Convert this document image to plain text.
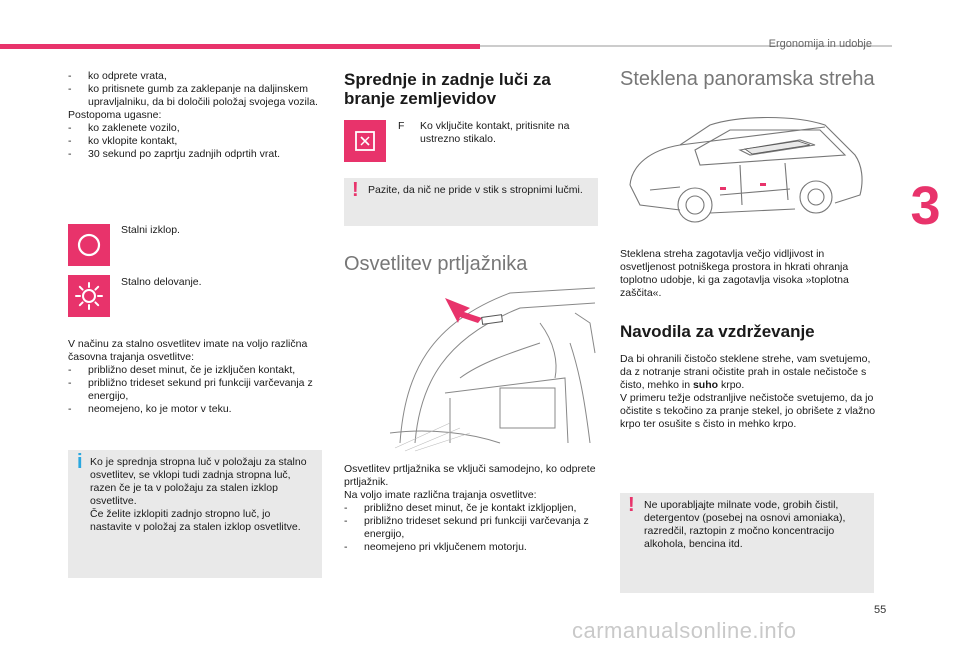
Ergonomija in udobje
3

- ko odprete vrata,

- ko pritisnete gumb za zaklepanje na daljinskem upravljalniku, da bi določili položaj svojega vozila.

Postopoma ugasne:

- ko zaklenete vozilo,

- ko vklopite kontakt,

- 30 sekund po zaprtju zadnjih odprtih vrat.

Stalni izklop.
Stalno delovanje.

V načinu za stalno osvetlitev imate na voljo različna časovna trajanja osvetlitve:

- približno deset minut, če je izključen kontakt,

- približno trideset sekund pri funkciji varčevanja z energijo,

- neomejeno, ko je motor v teku.

i Ko je sprednja stropna luč v položaju za stalno osvetlitev, se vklopi tudi zadnja stropna luč, razen če je ta v položaju za stalen izklop osvetlitve.

Če želite izklopiti zadnjo stropno luč, jo nastavite v položaj za stalen izklop osvetlitve.

Sprednje in zadnje luči za branje zemljevidov

F Ko vključite kontakt, pritisnite na ustrezno stikalo.

! Pazite, da nič ne pride v stik s stropnimi lučmi.
Osvetlitev prtljažnika

Osvetlitev prtljažnika se vključi samodejno, ko odprete prtljažnik.

Na voljo imate različna trajanja osvetlitve:

- približno deset minut, če je kontakt izkljopljen,

- približno trideset sekund pri funkciji varčevanja z energijo,

- neomejeno pri vključenem motorju.

Steklena panoramska streha
Steklena streha zagotavlja večjo vidljivost in osvetljenost potniškega prostora in hkrati ohranja toplotno udobje, ki ga zagotavlja visoka »toplotna zaščita«.
Navodila za vzdrževanje

Da bi ohranili čistočo steklene strehe, vam svetujemo, da z notranje strani očistite prah in ostale nečistoče s čisto, mehko in suho krpo.

V primeru težje odstranljive nečistoče svetujemo, da jo očistite s tekočino za pranje stekel, jo obrišete z vlažno krpo ter osušite s čisto in mehko krpo.

! Ne uporabljajte milnate vode, grobih čistil, detergentov (posebej na osnovi amoniaka), razredčil, raztopin z močno koncentracijo alkohola, bencina itd.
55
carmanualsonline.info
